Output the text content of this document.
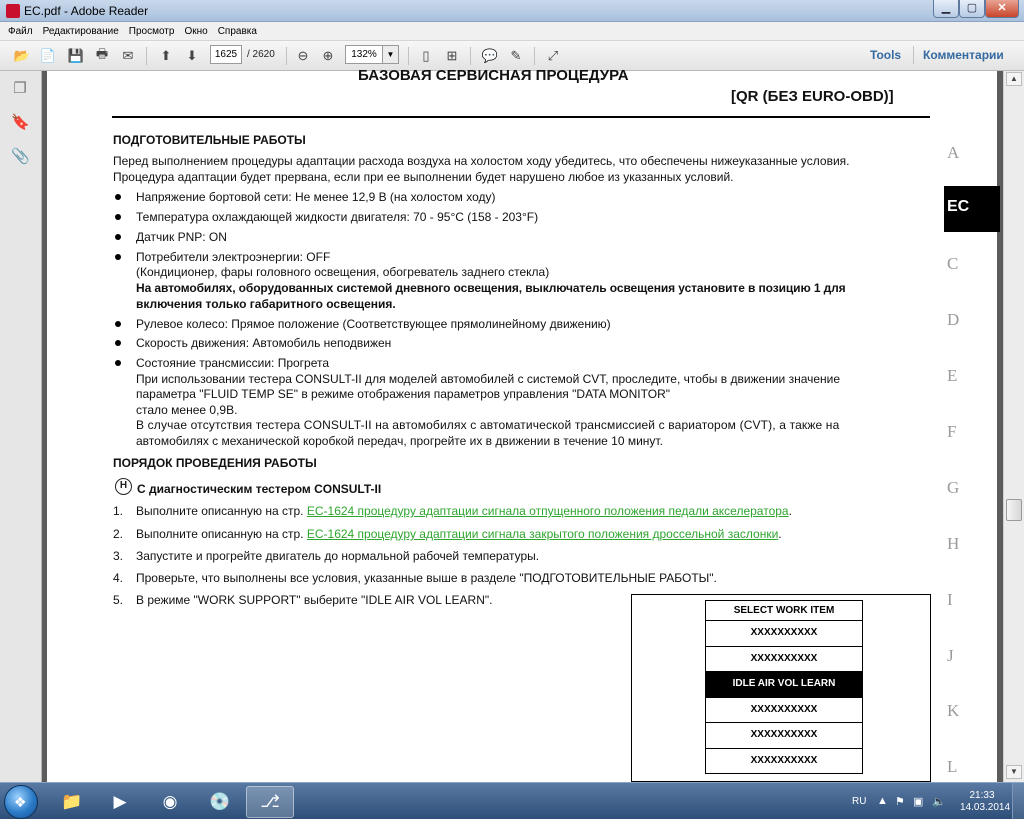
EC.pdf - Adobe Reader	▁	▢	✕
Файл Редактирование Просмотр Окно Справка
📂 📄 💾 🖶	✉	⬆	⬇	⊖	⊕	▯	⊞	💬 ✎	⤢
1625 / 2620	132%	▼	Tools Комментарии
❐
🔖
📎
▲
▼
БАЗОВАЯ СЕРВИСНАЯ ПРОЦЕДУРА
[QR (БЕЗ EURO-OBD)]
ПОДГОТОВИТЕЛЬНЫЕ РАБОТЫ
Перед выполнением процедуры адаптации расхода воздуха на холостом ходу убедитесь, что обеспечены нижеуказанные условия.
Процедура адаптации будет прервана, если при ее выполнении будет нарушено любое из указанных условий.
Напряжение бортовой сети: Не менее 12,9 В (на холостом ходу)
Температура охлаждающей жидкости двигателя: 70 - 95°C (158 - 203°F)
Датчик PNP: ON
Потребители электроэнергии: OFF
(Кондиционер, фары головного освещения, обогреватель заднего стекла)
На автомобилях, оборудованных системой дневного освещения, выключатель освещения установите в позицию 1 для
включения только габаритного освещения.
Рулевое колесо: Прямое положение (Соответствующее прямолинейному движению)
Скорость движения: Автомобиль неподвижен
Состояние трансмиссии: Прогрета
При использовании тестера CONSULT-II для моделей автомобилей с системой CVT, проследите, чтобы в движении значение
параметра "FLUID TEMP SE" в режиме отображения параметров управления "DATA MONITOR"
стало менее 0,9В.
В случае отсутствия тестера CONSULT-II на автомобилях с автоматической трансмиссией с вариатором (CVT), а также на
автомобилях с механической коробкой передач, прогрейте их в движении в течение 10 минут.
ПОРЯДОК ПРОВЕДЕНИЯ РАБОТЫ
H С диагностическим тестером CONSULT-II
1. Выполните описанную на стр. EC-1624 процедуру адаптации сигнала отпущенного положения педали акселератора.
2. Выполните описанную на стр. EC-1624 процедуру адаптации сигнала закрытого положения дроссельной заслонки.
3. Запустите и прогрейте двигатель до нормальной рабочей температуры.
4. Проверьте, что выполнены все условия, указанные выше в разделе "ПОДГОТОВИТЕЛЬНЫЕ РАБОТЫ".
5. В режиме "WORK SUPPORT" выберите "IDLE AIR VOL LEARN".
SELECT WORK ITEM
XXXXXXXXXX
XXXXXXXXXX
IDLE AIR VOL LEARN
XXXXXXXXXX
XXXXXXXXXX
XXXXXXXXXX
A
EC
C
D
E
F
G
H
I
J
K
L
❖	📁	▶	◉	💿	⎇	RU ▲ ⚑ ▣ 🔈
21:33
14.03.2014
